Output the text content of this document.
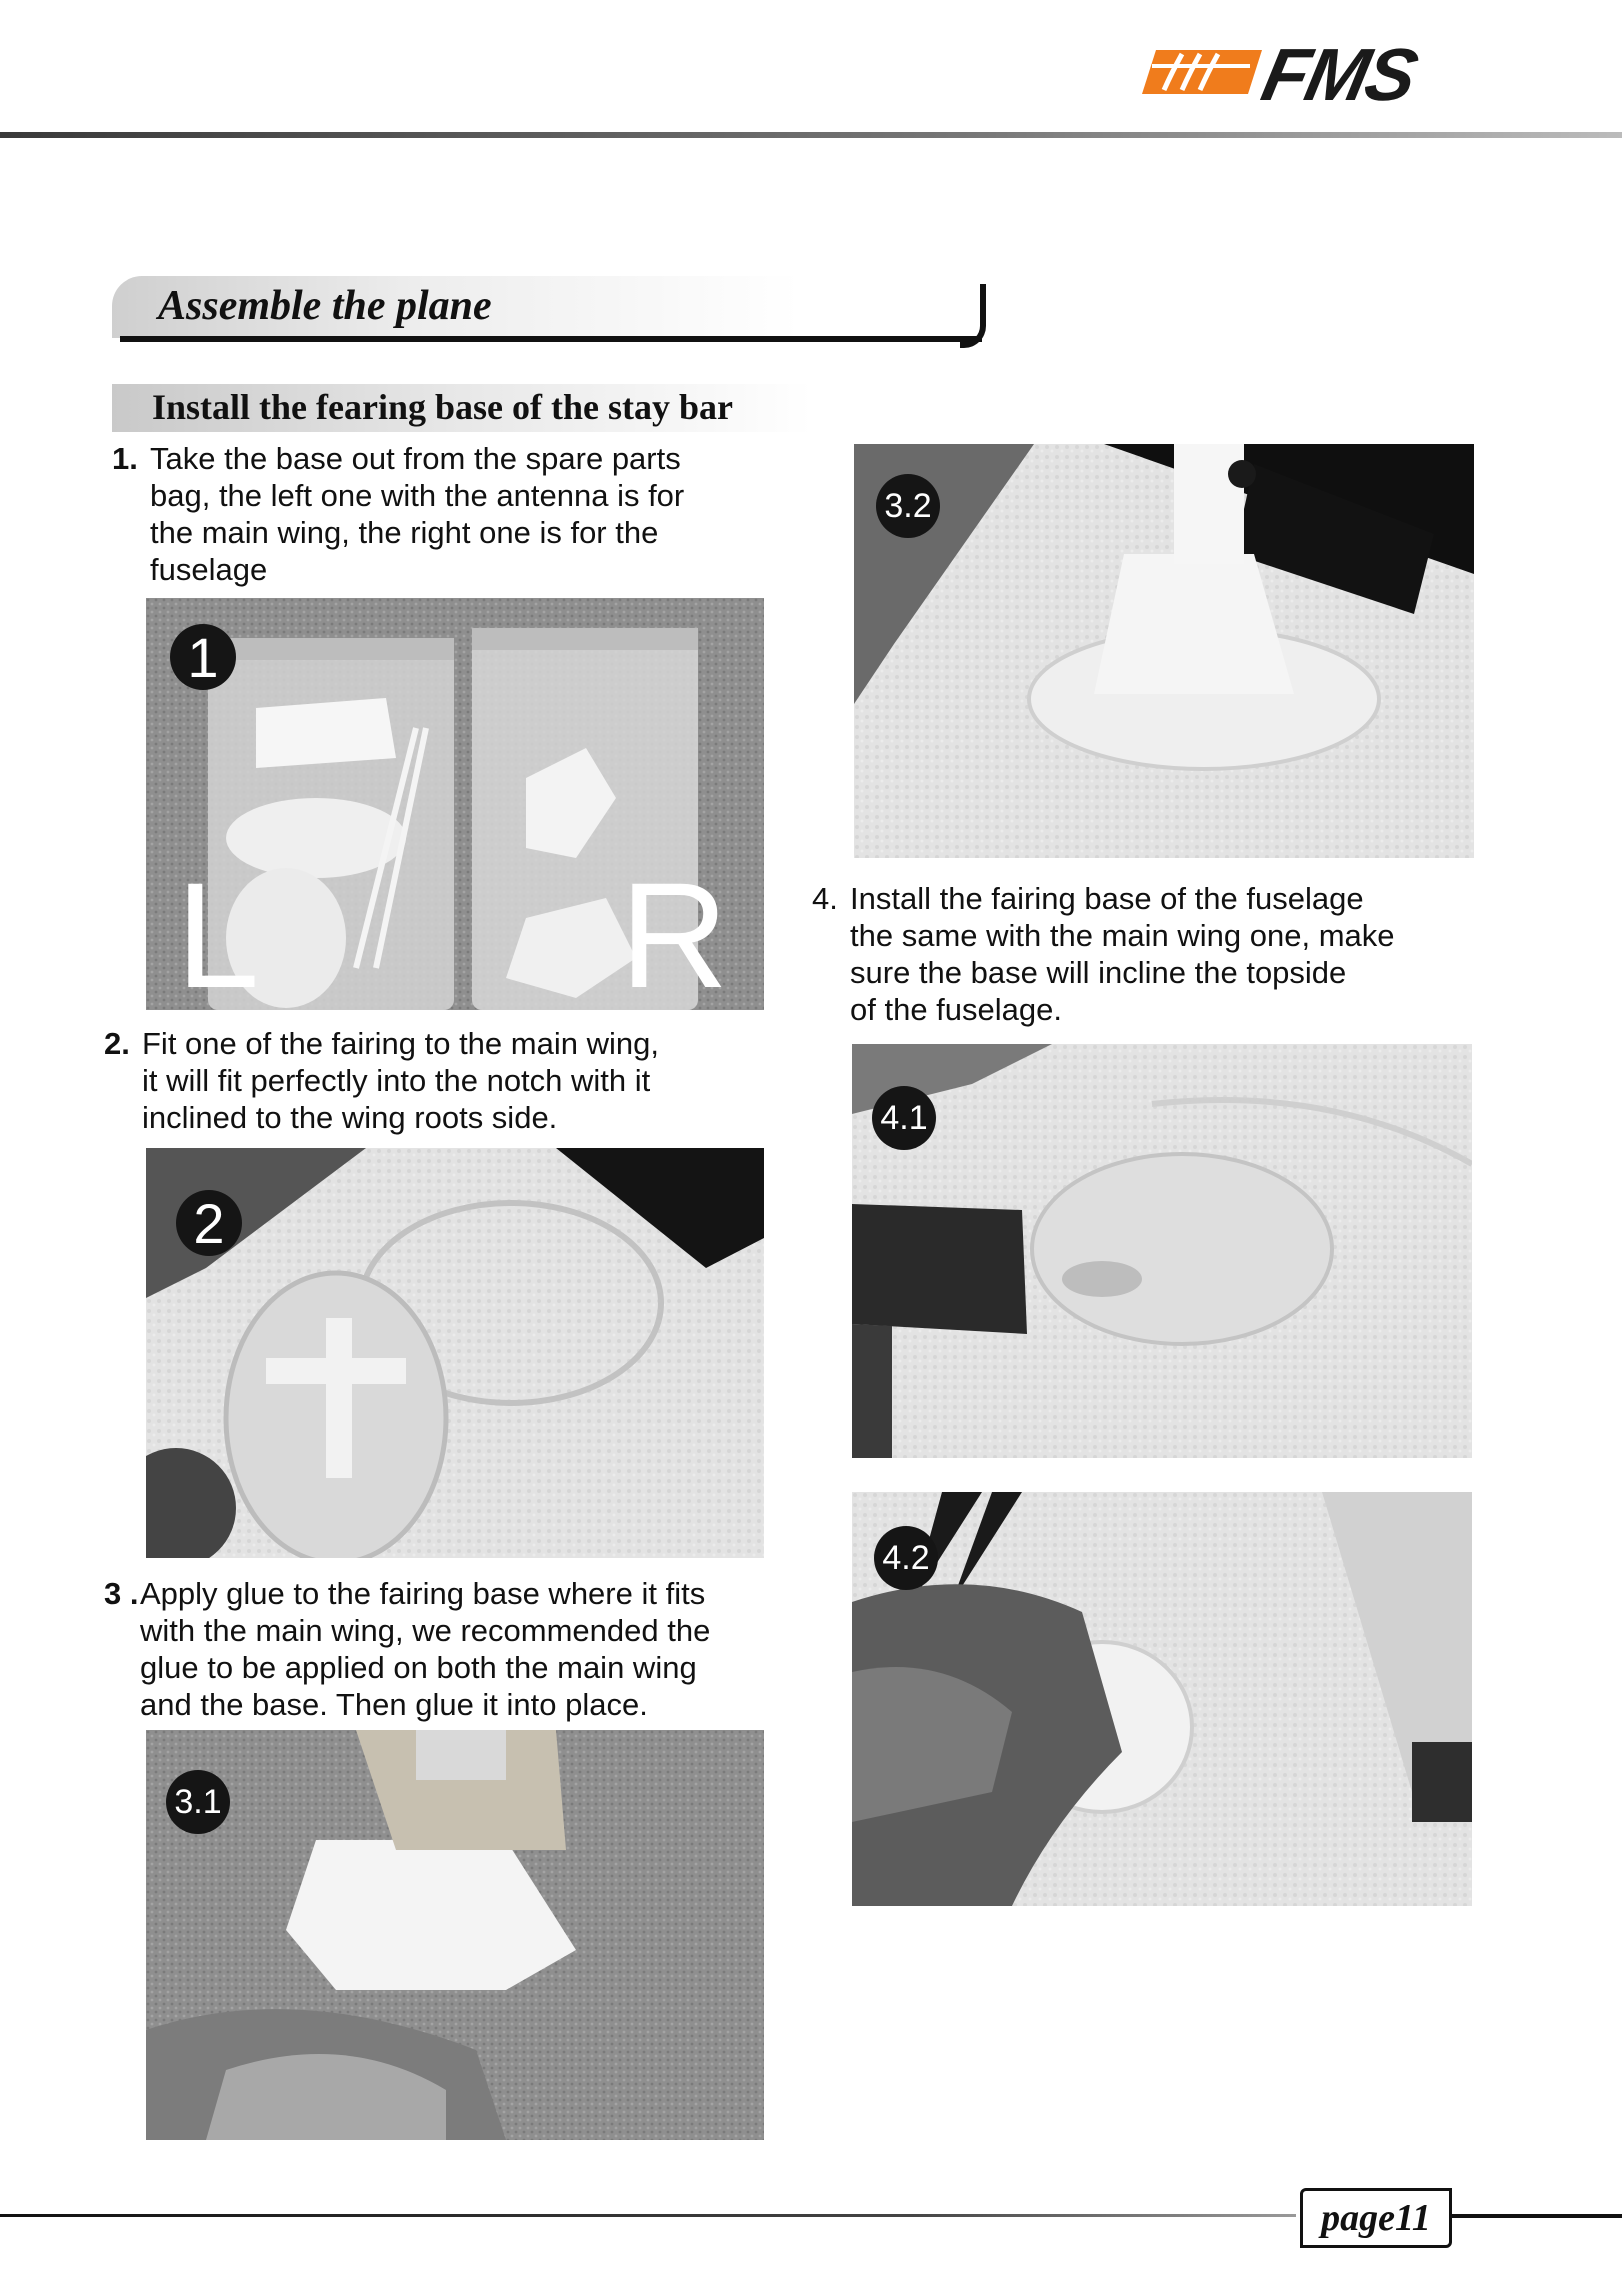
FMS
Assemble the plane
Install the fearing base of the stay bar
1. Take the base out from the spare parts
bag, the left one with the antenna is for
the main wing, the right one is for the
fuselage
1
L R
2. Fit one of the fairing to the main wing,
it will fit perfectly into the notch with it
inclined to the wing roots side.
2
3 . Apply glue to the fairing base where it fits
with the main wing, we recommended the
glue to be applied on both the main wing
and the base. Then glue it into place.
3.1
3.2
4. Install the fairing base of the fuselage
the same with the main wing one, make
sure the base will incline the topside
of the fuselage.
4.1
4.2
page11
